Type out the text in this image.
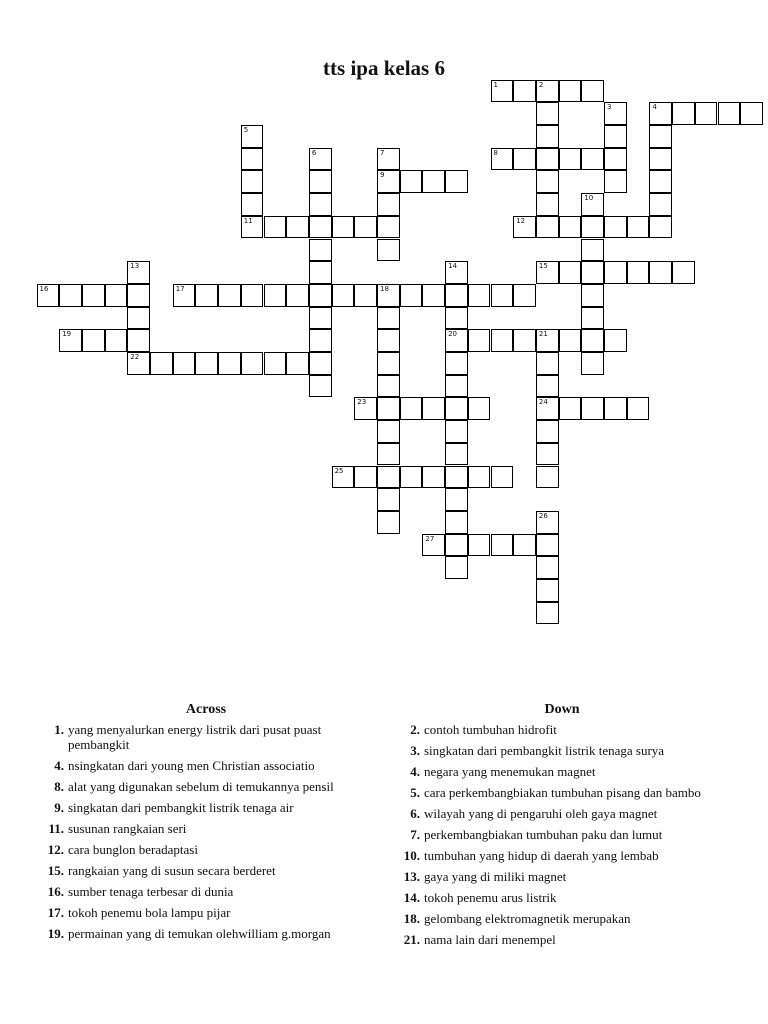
tts ipa kelas 6
1	2
3	4
5
6	7	8
9
10
11	12
13	14	15
16	17	18
19	20	21
22
23	24
25
26
27
Across
1. yang menyalurkan energy listrik dari pusat puast pembangkit
4. nsingkatan dari young men Christian associatio
8. alat yang digunakan sebelum di temukannya pensil
9. singkatan dari pembangkit listrik tenaga air
11. susunan rangkaian seri
12. cara bunglon beradaptasi
15. rangkaian yang di susun secara berderet
16. sumber tenaga terbesar di dunia
17. tokoh penemu bola lampu pijar
19. permainan yang di temukan olehwilliam g.morgan
Down
2. contoh tumbuhan hidrofit
3. singkatan dari pembangkit listrik tenaga surya
4. negara yang menemukan magnet
5. cara perkembangbiakan tumbuhan pisang dan bambo
6. wilayah yang di pengaruhi oleh gaya magnet
7. perkembangbiakan tumbuhan paku dan lumut
10. tumbuhan yang hidup di daerah yang lembab
13. gaya yang di miliki magnet
14. tokoh penemu arus listrik
18. gelombang elektromagnetik merupakan
21. nama lain dari menempel
